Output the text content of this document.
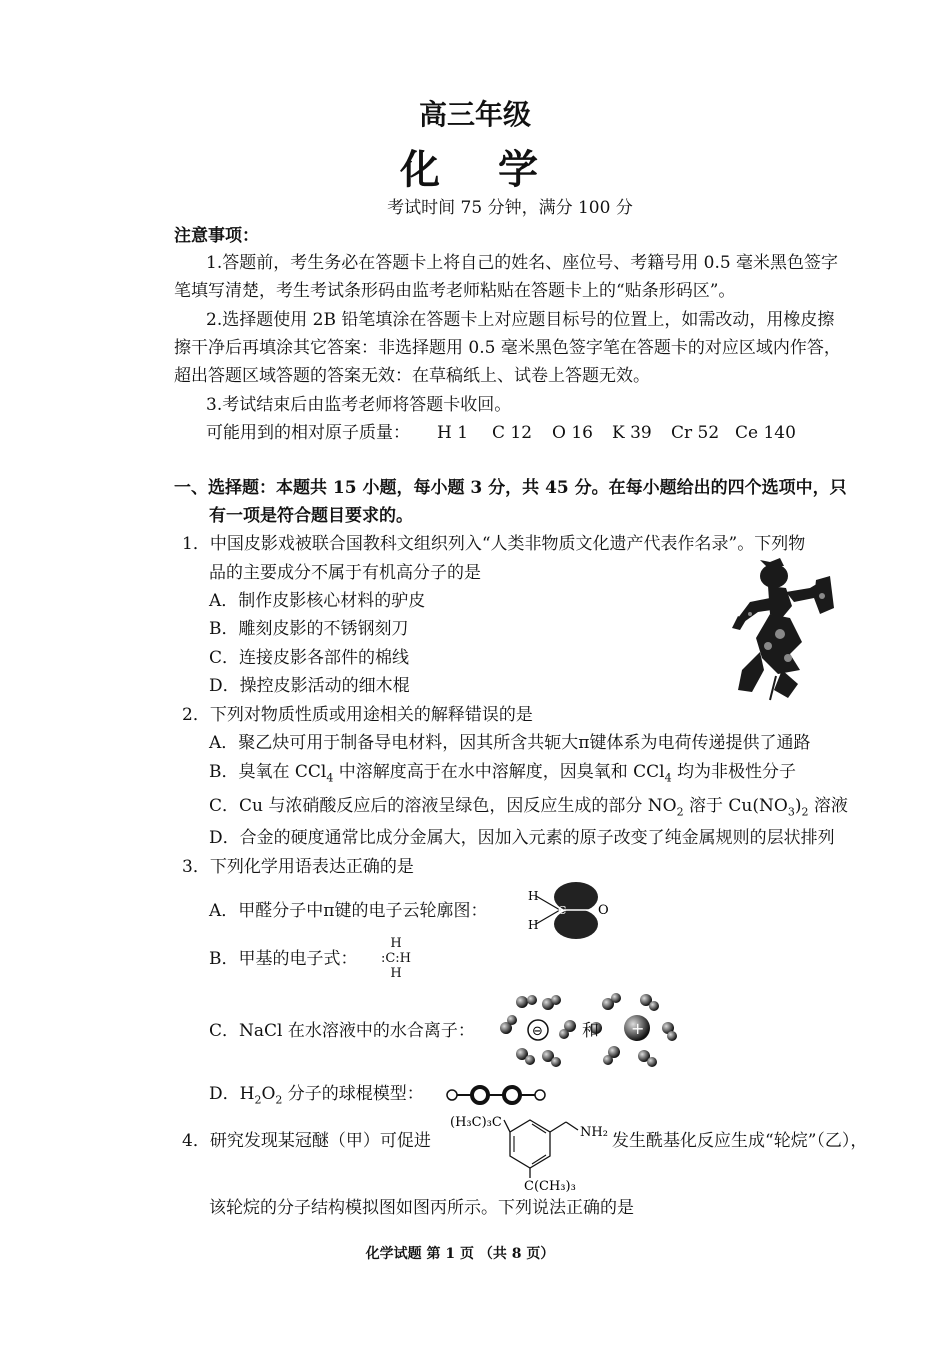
高三年级
化 学
考试时间 75 分钟，满分 100 分
注意事项：
1.答题前，考生务必在答题卡上将自己的姓名、座位号、考籍号用 0.5 毫米黑色签字
笔填写清楚，考生考试条形码由监考老师粘贴在答题卡上的“贴条形码区”。
2.选择题使用 2B 铅笔填涂在答题卡上对应题目标号的位置上，如需改动，用橡皮擦
擦干净后再填涂其它答案：非选择题用 0.5 毫米黑色签字笔在答题卡的对应区域内作答，
超出答题区域答题的答案无效：在草稿纸上、试卷上答题无效。
3.考试结束后由监考老师将答题卡收回。
可能用到的相对原子质量： H 1 C 12 O 16 K 39 Cr 52 Ce 140
一、选择题：本题共 15 小题，每小题 3 分，共 45 分。在每小题给出的四个选项中，只
有一项是符合题目要求的。
1．中国皮影戏被联合国教科文组织列入“人类非物质文化遗产代表作名录”。下列物
品的主要成分不属于有机高分子的是
A．制作皮影核心材料的驴皮
B．雕刻皮影的不锈钢刻刀
C．连接皮影各部件的棉线
D．操控皮影活动的细木棍
2．下列对物质性质或用途相关的解释错误的是
A．聚乙炔可用于制备导电材料，因其所含共轭大π键体系为电荷传递提供了通路
B．臭氧在 CCl$_4$ 中溶解度高于在水中溶解度，因臭氧和 CCl$_4$ 均为非极性分子
C．Cu 与浓硝酸反应后的溶液呈绿色，因反应生成的部分 $NO_2$ 溶于 $Cu(NO_3)_2$ 溶液
D．合金的硬度通常比成分金属大，因加入元素的原子改变了纯金属规则的层状排列
3．下列化学用语表达正确的是
A．甲醛分子中π键的电子云轮廓图：
H
H
C O
B．甲基的电子式：
H
:C:H
H
C．NaCl 在水溶液中的水合离子：	⊖	+
和
D．$H_2O_2$ 分子的球棍模型：
4．研究发现某冠醚（甲）可促进
(H₃C)₃C
NH₂
C(CH₃)₃
发生酰基化反应生成“轮烷”（乙），
该轮烷的分子结构模拟图如图丙所示。下列说法正确的是
化学试题 第 1 页 （共 8 页）
